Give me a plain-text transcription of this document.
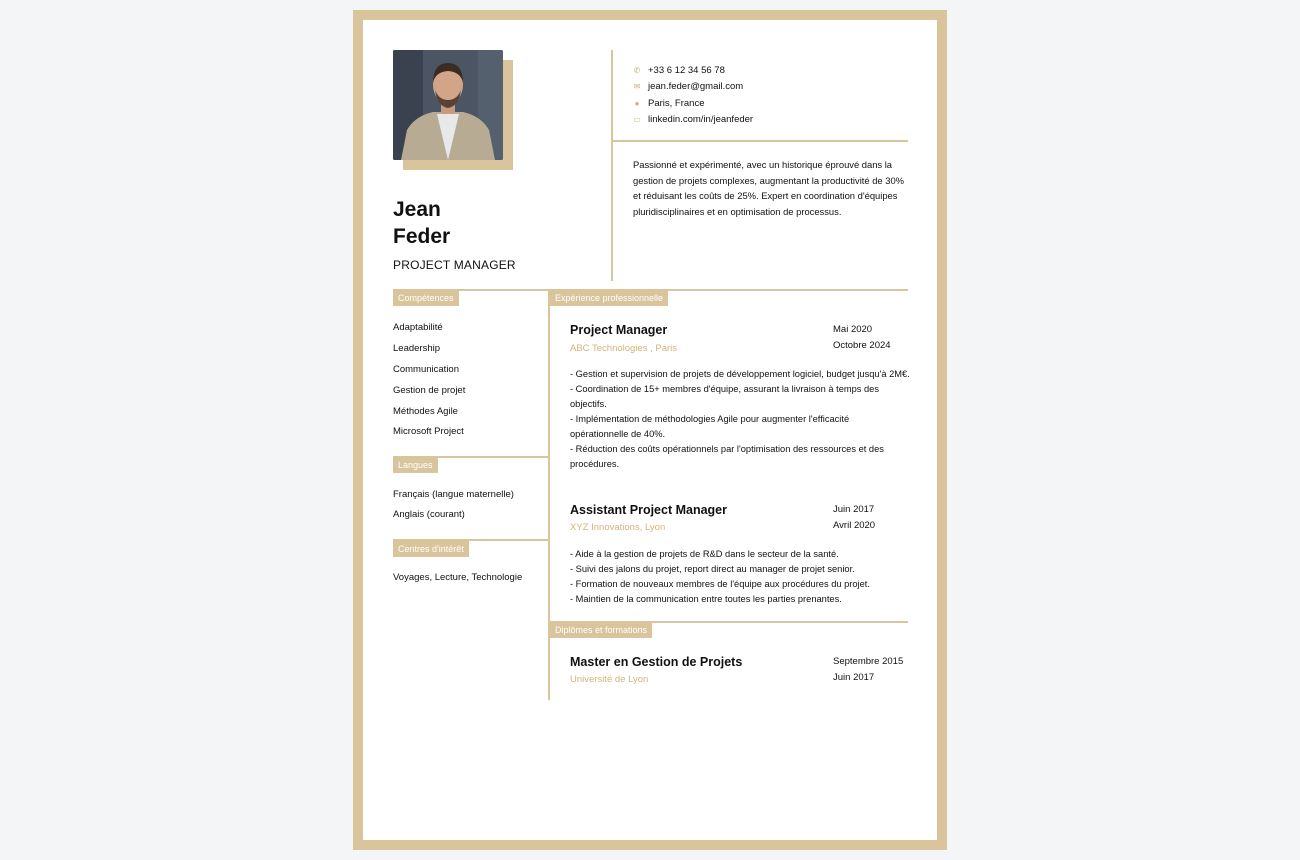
Jean
Feder
PROJECT MANAGER
✆ +33 6 12 34 56 78
✉ jean.feder@gmail.com
● Paris, France
▭ linkedin.com/in/jeanfeder
Passionné et expérimenté, avec un historique éprouvé dans la gestion de projets complexes, augmentant la productivité de 30% et réduisant les coûts de 25%. Expert en coordination d'équipes pluridisciplinaires et en optimisation de processus.
Compétences
Adaptabilité
Leadership
Communication
Gestion de projet
Méthodes Agile
Microsoft Project
Langues
Français (langue maternelle)
Anglais (courant)
Centres d'intérêt
Voyages, Lecture, Technologie
Expérience professionnelle
Project Manager
ABC Technologies , Paris
Mai 2020
Octobre 2024
- Gestion et supervision de projets de développement logiciel, budget jusqu'à 2M€.
- Coordination de 15+ membres d'équipe, assurant la livraison à temps des objectifs.
- Implémentation de méthodologies Agile pour augmenter l'efficacité opérationnelle de 40%.
- Réduction des coûts opérationnels par l'optimisation des ressources et des procédures.
Assistant Project Manager
XYZ Innovations, Lyon
Juin 2017
Avril 2020
- Aide à la gestion de projets de R&D dans le secteur de la santé.
- Suivi des jalons du projet, report direct au manager de projet senior.
- Formation de nouveaux membres de l'équipe aux procédures du projet.
- Maintien de la communication entre toutes les parties prenantes.
Diplômes et formations
Master en Gestion de Projets
Université de Lyon
Septembre 2015
Juin 2017
